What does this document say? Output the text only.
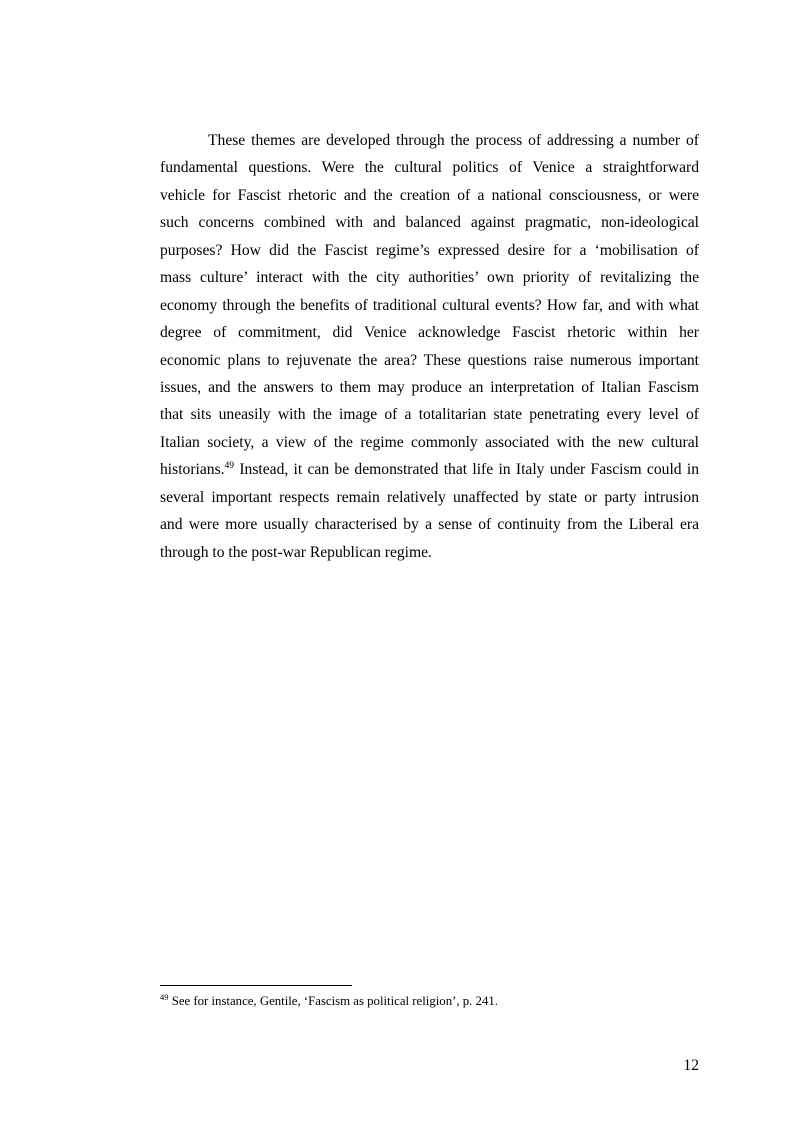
These themes are developed through the process of addressing a number of
fundamental questions. Were the cultural politics of Venice a straightforward
vehicle for Fascist rhetoric and the creation of a national consciousness, or were
such concerns combined with and balanced against pragmatic, non-ideological
purposes? How did the Fascist regime’s expressed desire for a ‘mobilisation of
mass culture’ interact with the city authorities’ own priority of revitalizing the
economy through the benefits of traditional cultural events? How far, and with what
degree of commitment, did Venice acknowledge Fascist rhetoric within her
economic plans to rejuvenate the area? These questions raise numerous important
issues, and the answers to them may produce an interpretation of Italian Fascism
that sits uneasily with the image of a totalitarian state penetrating every level of
Italian society, a view of the regime commonly associated with the new cultural
historians.$^{49}$ Instead, it can be demonstrated that life in Italy under Fascism could in
several important respects remain relatively unaffected by state or party intrusion
and were more usually characterised by a sense of continuity from the Liberal era
through to the post-war Republican regime.
$^{49}$ See for instance, Gentile, ‘Fascism as political religion’, p. 241.
12
